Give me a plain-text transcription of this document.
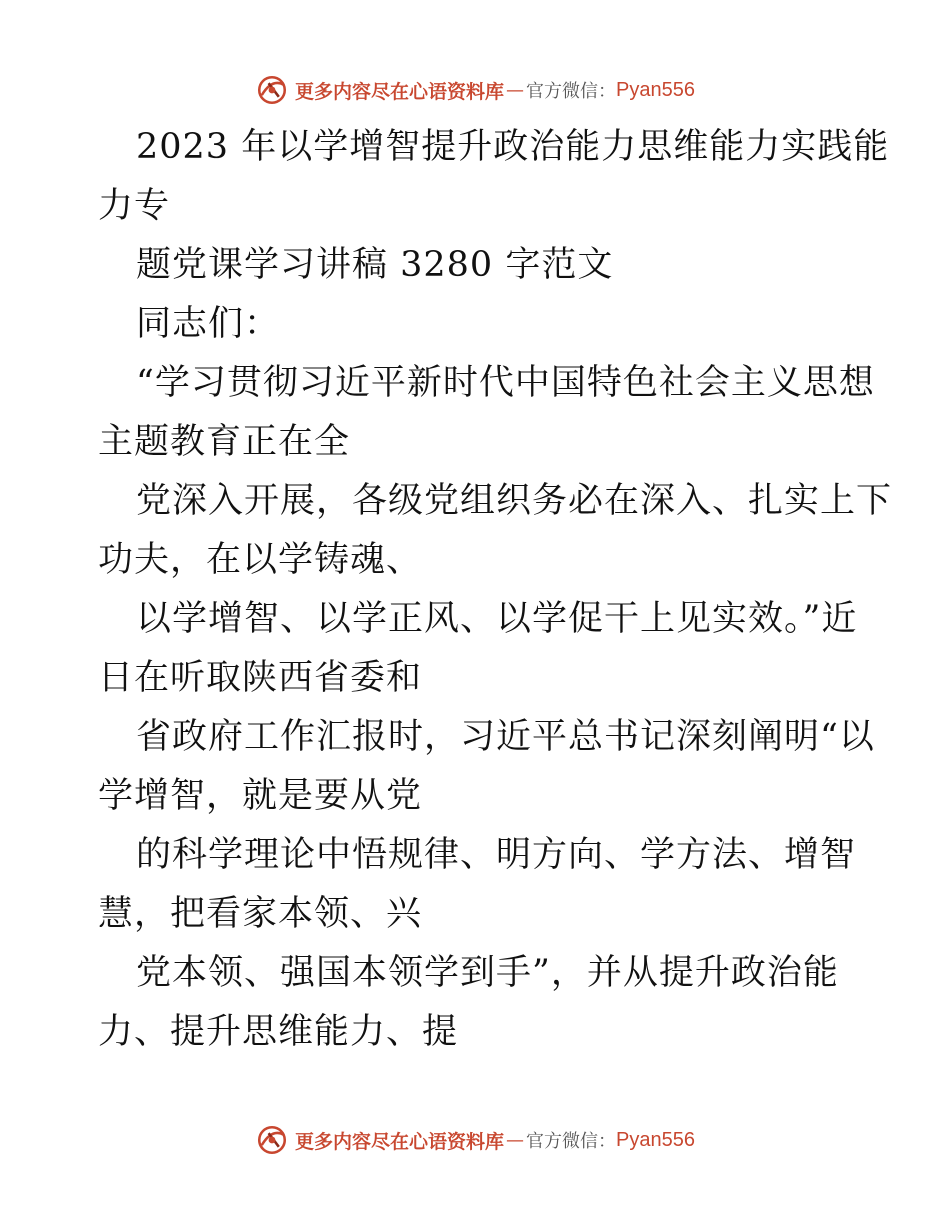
更多内容尽在心语资料库 — 官方微信： Pyan556
2023 年以学增智提升政治能力思维能力实践能
力专
题党课学习讲稿 3280 字范文
同志们：
“学习贯彻习近平新时代中国特色社会主义思想
主题教育正在全
党深入开展，各级党组织务必在深入、扎实上下
功夫，在以学铸魂、
以学增智、以学正风、以学促干上见实效。”近
日在听取陕西省委和
省政府工作汇报时，习近平总书记深刻阐明“以
学增智，就是要从党
的科学理论中悟规律、明方向、学方法、增智
慧，把看家本领、兴
党本领、强国本领学到手”，并从提升政治能
力、提升思维能力、提
更多内容尽在心语资料库 — 官方微信： Pyan556
